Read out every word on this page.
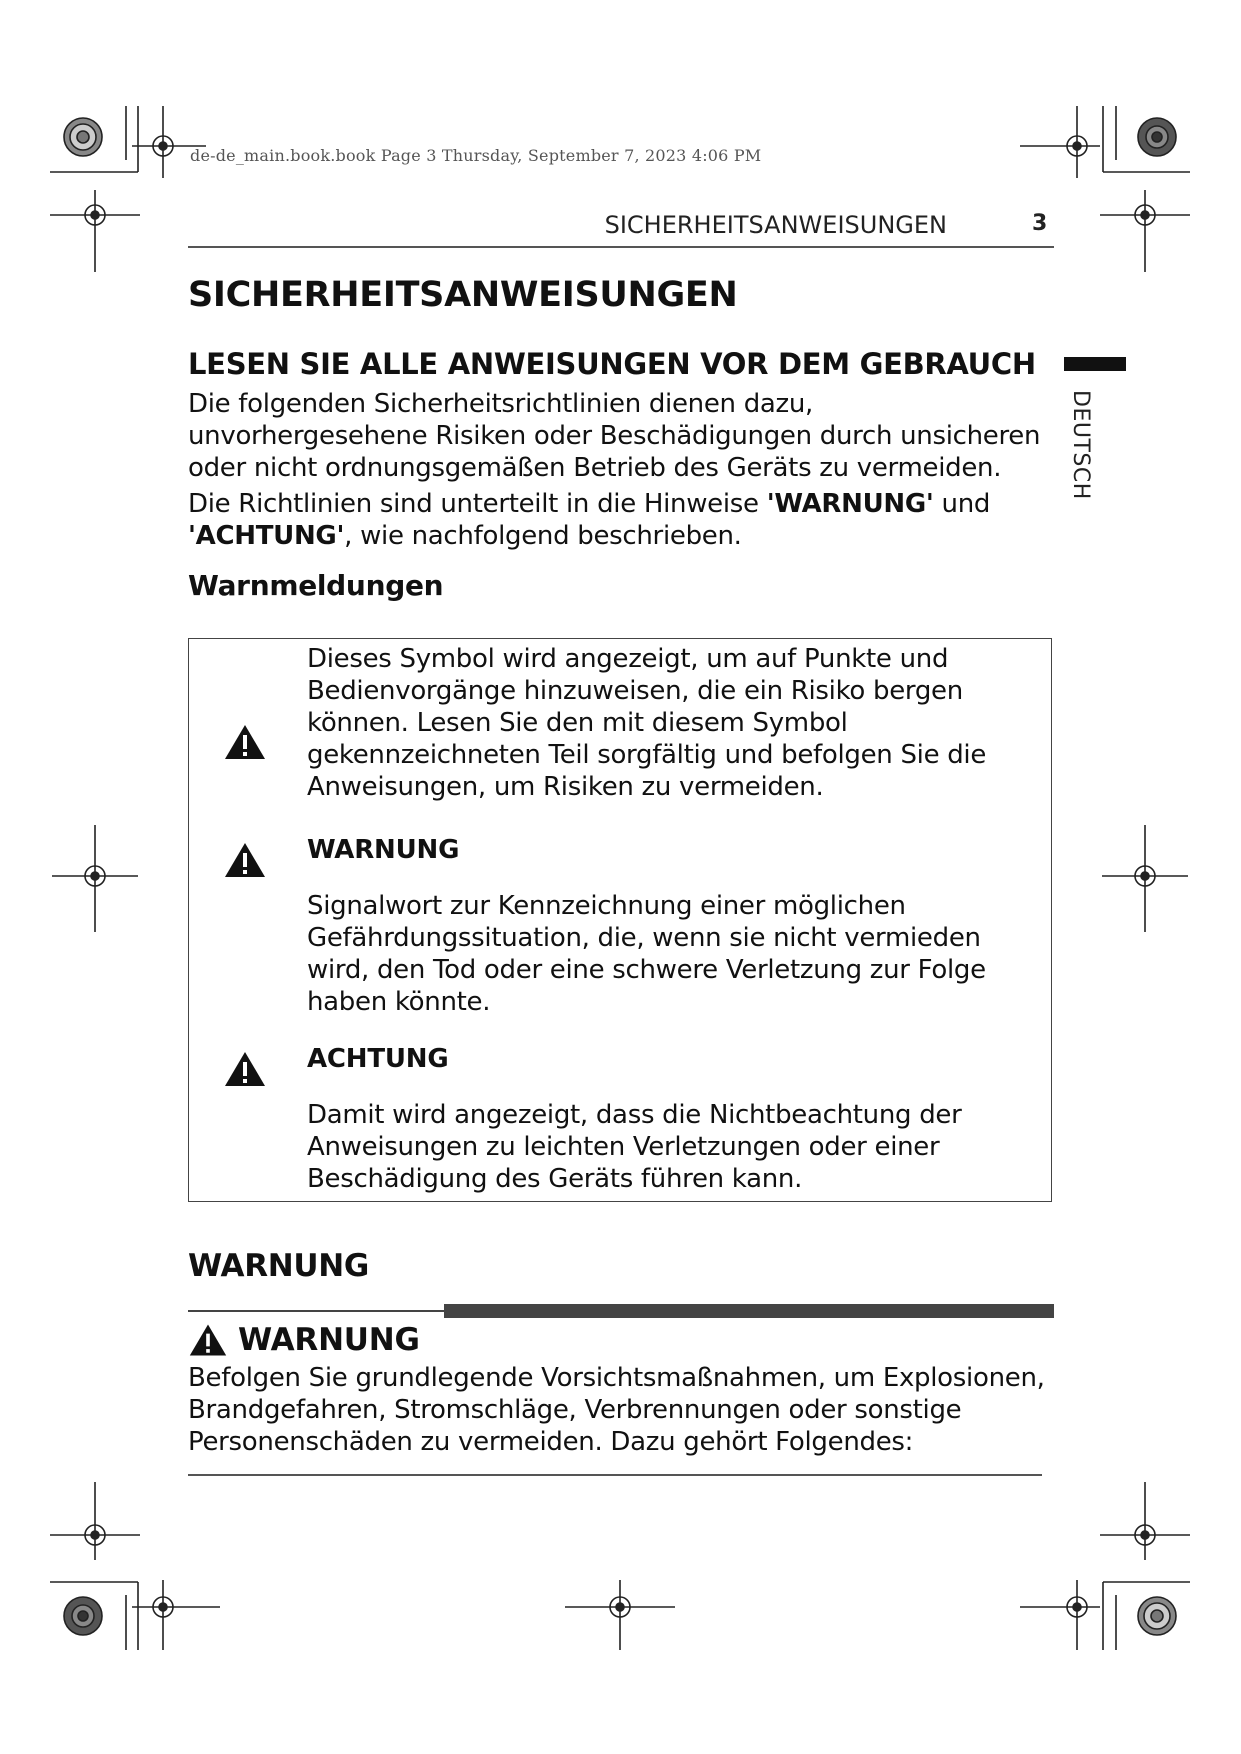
de-de_main.book.book Page 3 Thursday, September 7, 2023 4:06 PM
SICHERHEITSANWEISUNGEN	3
DEUTSCH
SICHERHEITSANWEISUNGEN
LESEN SIE ALLE ANWEISUNGEN VOR DEM GEBRAUCH

Die folgenden Sicherheitsrichtlinien dienen dazu, unvorhergesehene Risiken oder Beschädigungen durch unsicheren oder nicht ordnungsgemäßen Betrieb des Geräts zu vermeiden.

Die Richtlinien sind unterteilt in die Hinweise 'WARNUNG' und 'ACHTUNG', wie nachfolgend beschrieben.

Warnmeldungen
Dieses Symbol wird angezeigt, um auf Punkte und Bedienvorgänge hinzuweisen, die ein Risiko bergen können. Lesen Sie den mit diesem Symbol gekennzeichneten Teil sorgfältig und befolgen Sie die Anweisungen, um Risiken zu vermeiden.
WARNUNG
Signalwort zur Kennzeichnung einer möglichen Gefährdungssituation, die, wenn sie nicht vermieden wird, den Tod oder eine schwere Verletzung zur Folge haben könnte.
ACHTUNG
Damit wird angezeigt, dass die Nichtbeachtung der Anweisungen zu leichten Verletzungen oder einer Beschädigung des Geräts führen kann.
WARNUNG
WARNUNG
Befolgen Sie grundlegende Vorsichtsmaßnahmen, um Explosionen, Brandgefahren, Stromschläge, Verbrennungen oder sonstige Personenschäden zu vermeiden. Dazu gehört Folgendes:
